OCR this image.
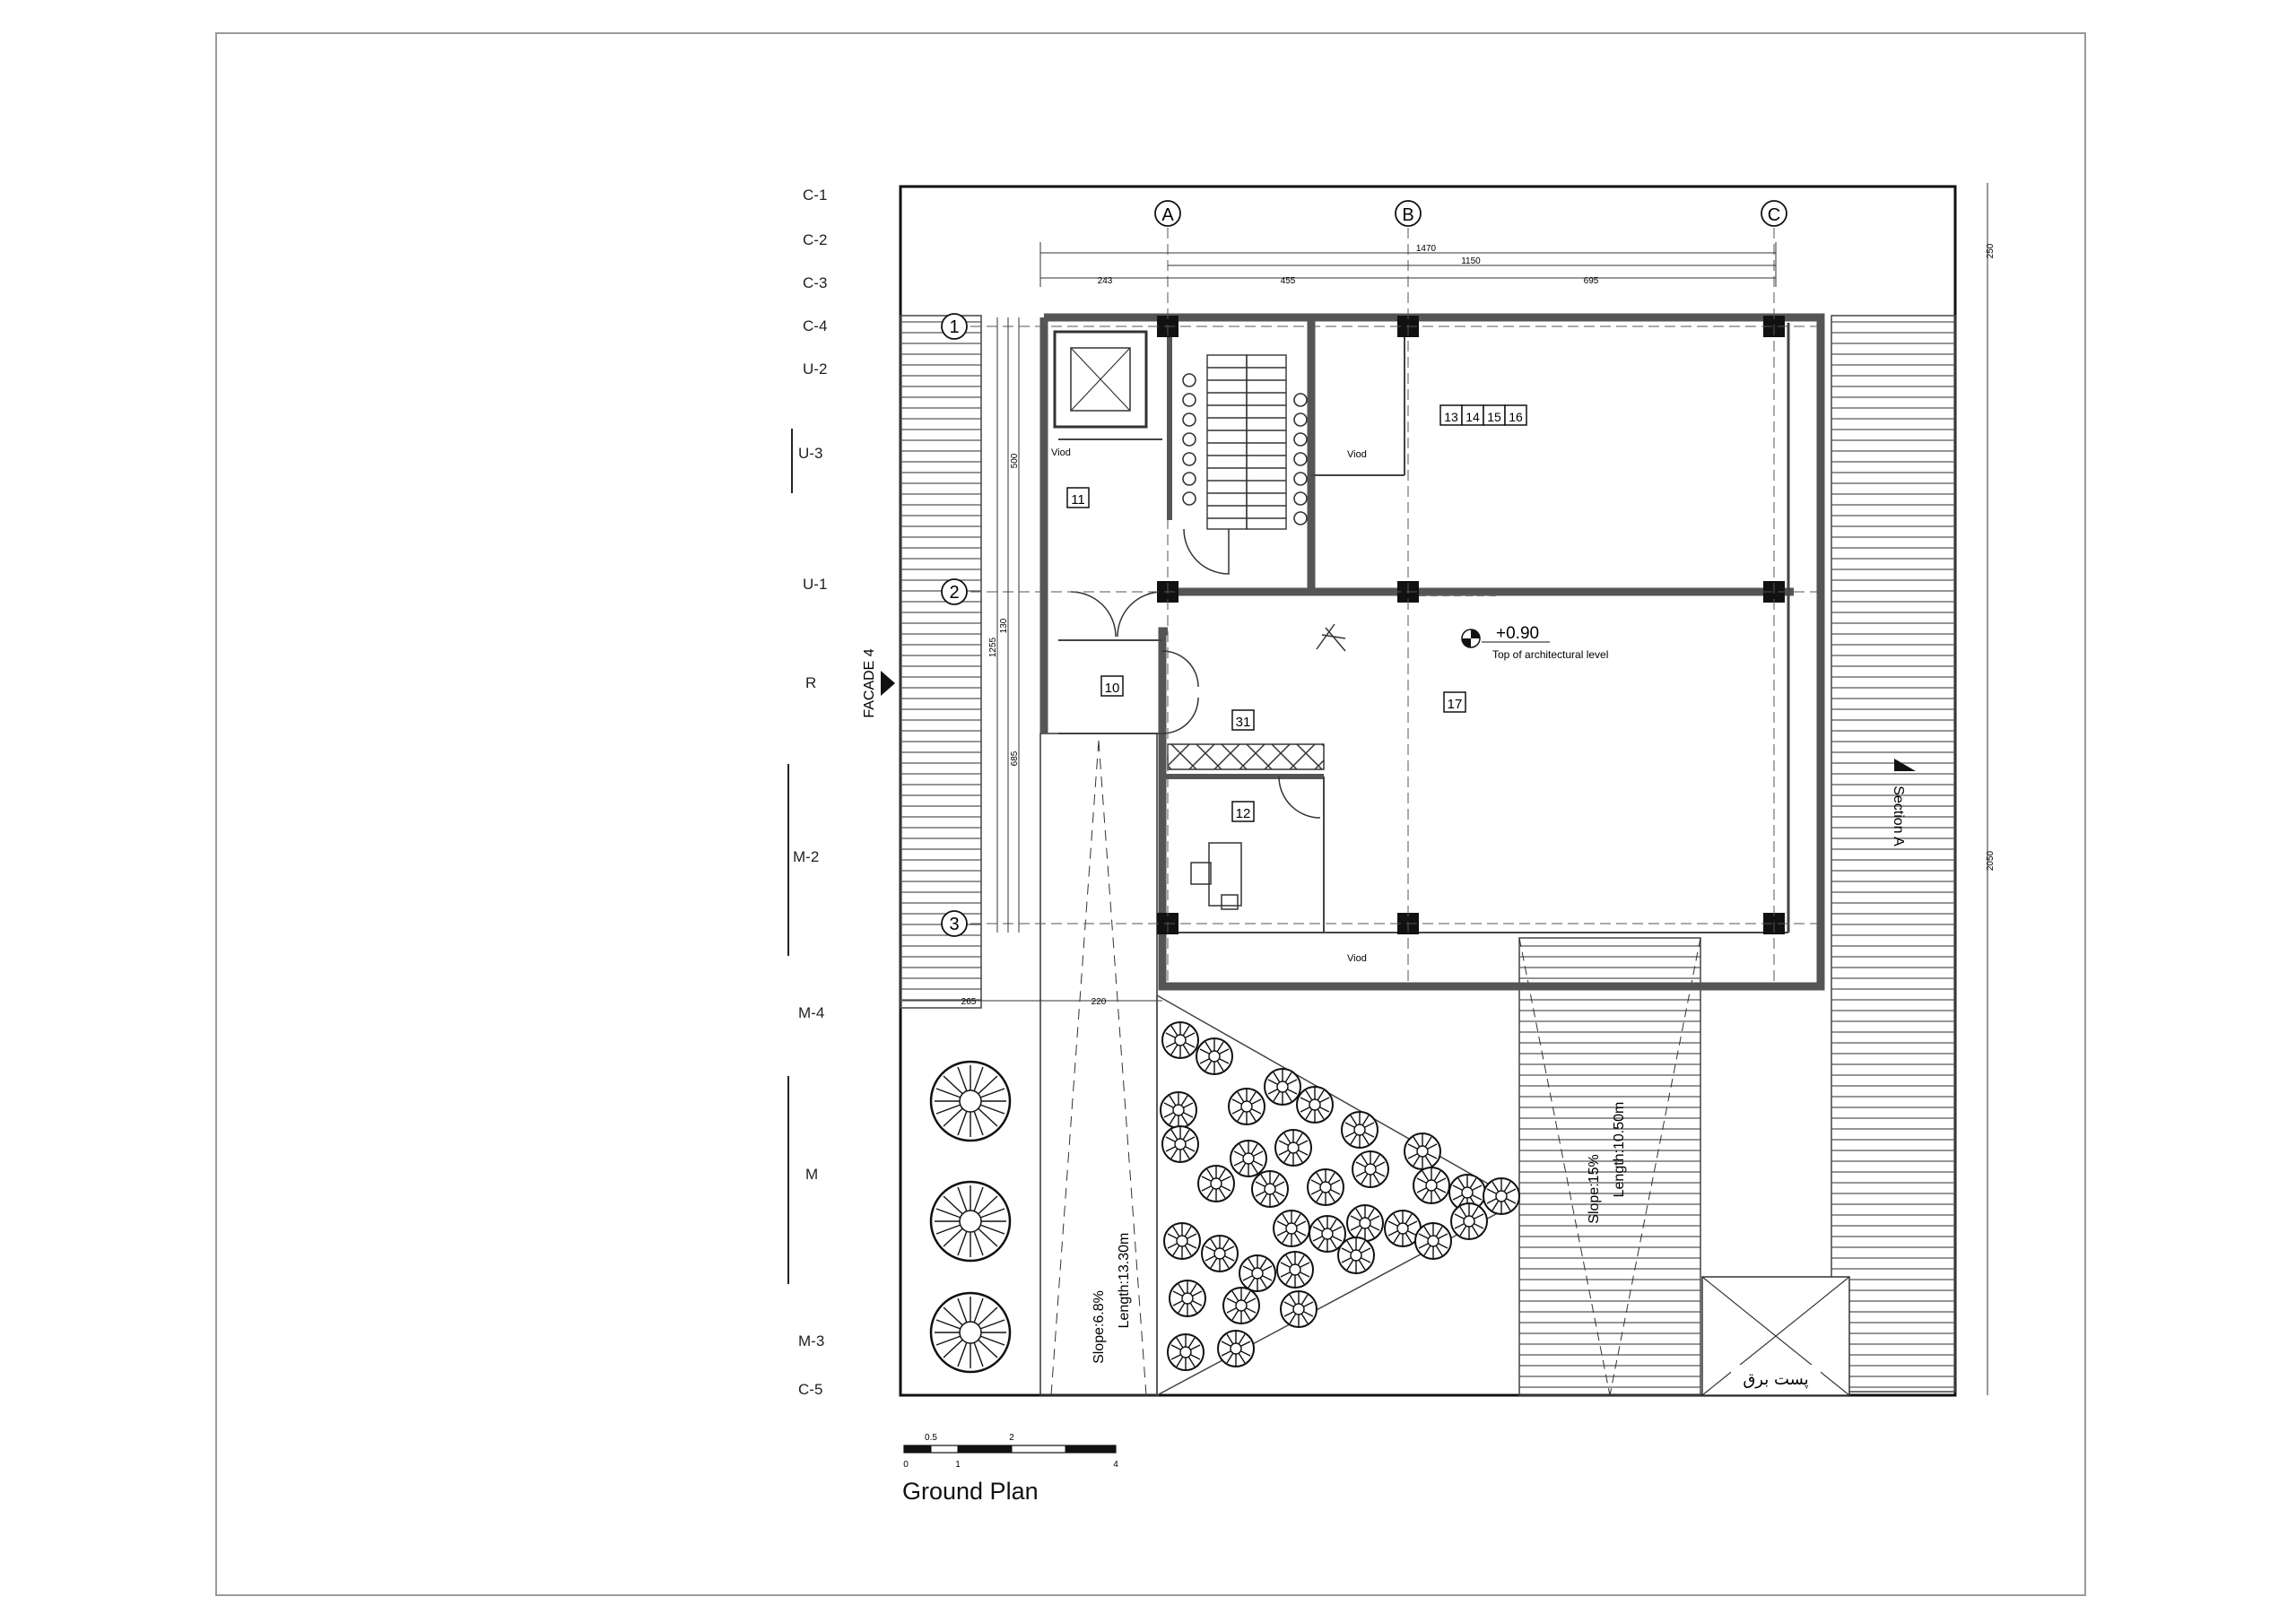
U-3
R
M-2
C-1
C-2
C-3
C-4
U-2
U-1
M-4
M
M-3
C-5
A	B	C
1
2
3
1470
1150
243	455	695
500
1255
130
685
265	220
250
2050
11
10
31
12
17
13 14 15 16
Viod	Viod
Viod
+0.90
Top of architectural level
FACADE 4
Section A
Slope:6.8% Length:13.30m
Slope:15% Length:10.50m
پست برق
0.5	2
0	1	4
Ground Plan
